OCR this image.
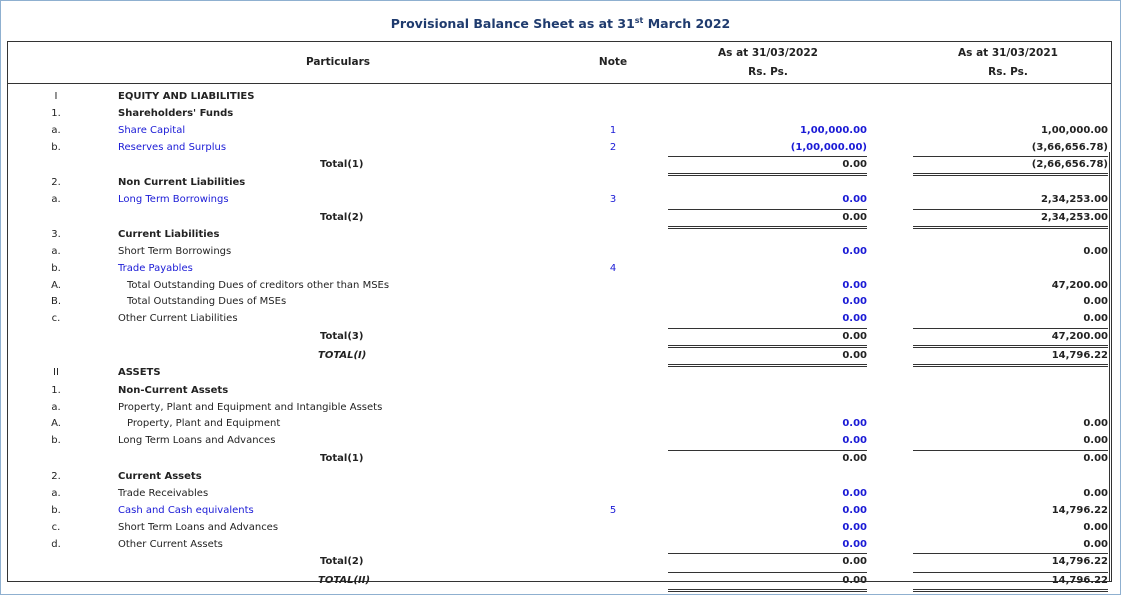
Provisional Balance Sheet as at 31st March 2022
Particulars	Note
As at 31/03/2022
Rs. Ps.
As at 31/03/2021
Rs. Ps.
I	EQUITY AND LIABILITIES
1.	Shareholders' Funds
a.	Share Capital	1	1,00,000.00	1,00,000.00
b.	Reserves and Surplus	2	(1,00,000.00)	(3,66,656.78)
Total(1)	0.00	(2,66,656.78)
2.	Non Current Liabilities
a.	Long Term Borrowings	3	0.00	2,34,253.00
Total(2)	0.00	2,34,253.00
3.	Current Liabilities
a.	Short Term Borrowings	0.00	0.00
b.	Trade Payables	4
A.	Total Outstanding Dues of creditors other than MSEs	0.00	47,200.00
B.	Total Outstanding Dues of MSEs	0.00	0.00
c.	Other Current Liabilities	0.00	0.00
Total(3)	0.00	47,200.00
TOTAL(I)	0.00	14,796.22
II	ASSETS
1.	Non-Current Assets
a.	Property, Plant and Equipment and Intangible Assets
A.	Property, Plant and Equipment	0.00	0.00
b.	Long Term Loans and Advances	0.00	0.00
Total(1)	0.00	0.00
2.	Current Assets
a.	Trade Receivables	0.00	0.00
b.	Cash and Cash equivalents	5	0.00	14,796.22
c.	Short Term Loans and Advances	0.00	0.00
d.	Other Current Assets	0.00	0.00
Total(2)	0.00	14,796.22
TOTAL(II)	0.00	14,796.22
